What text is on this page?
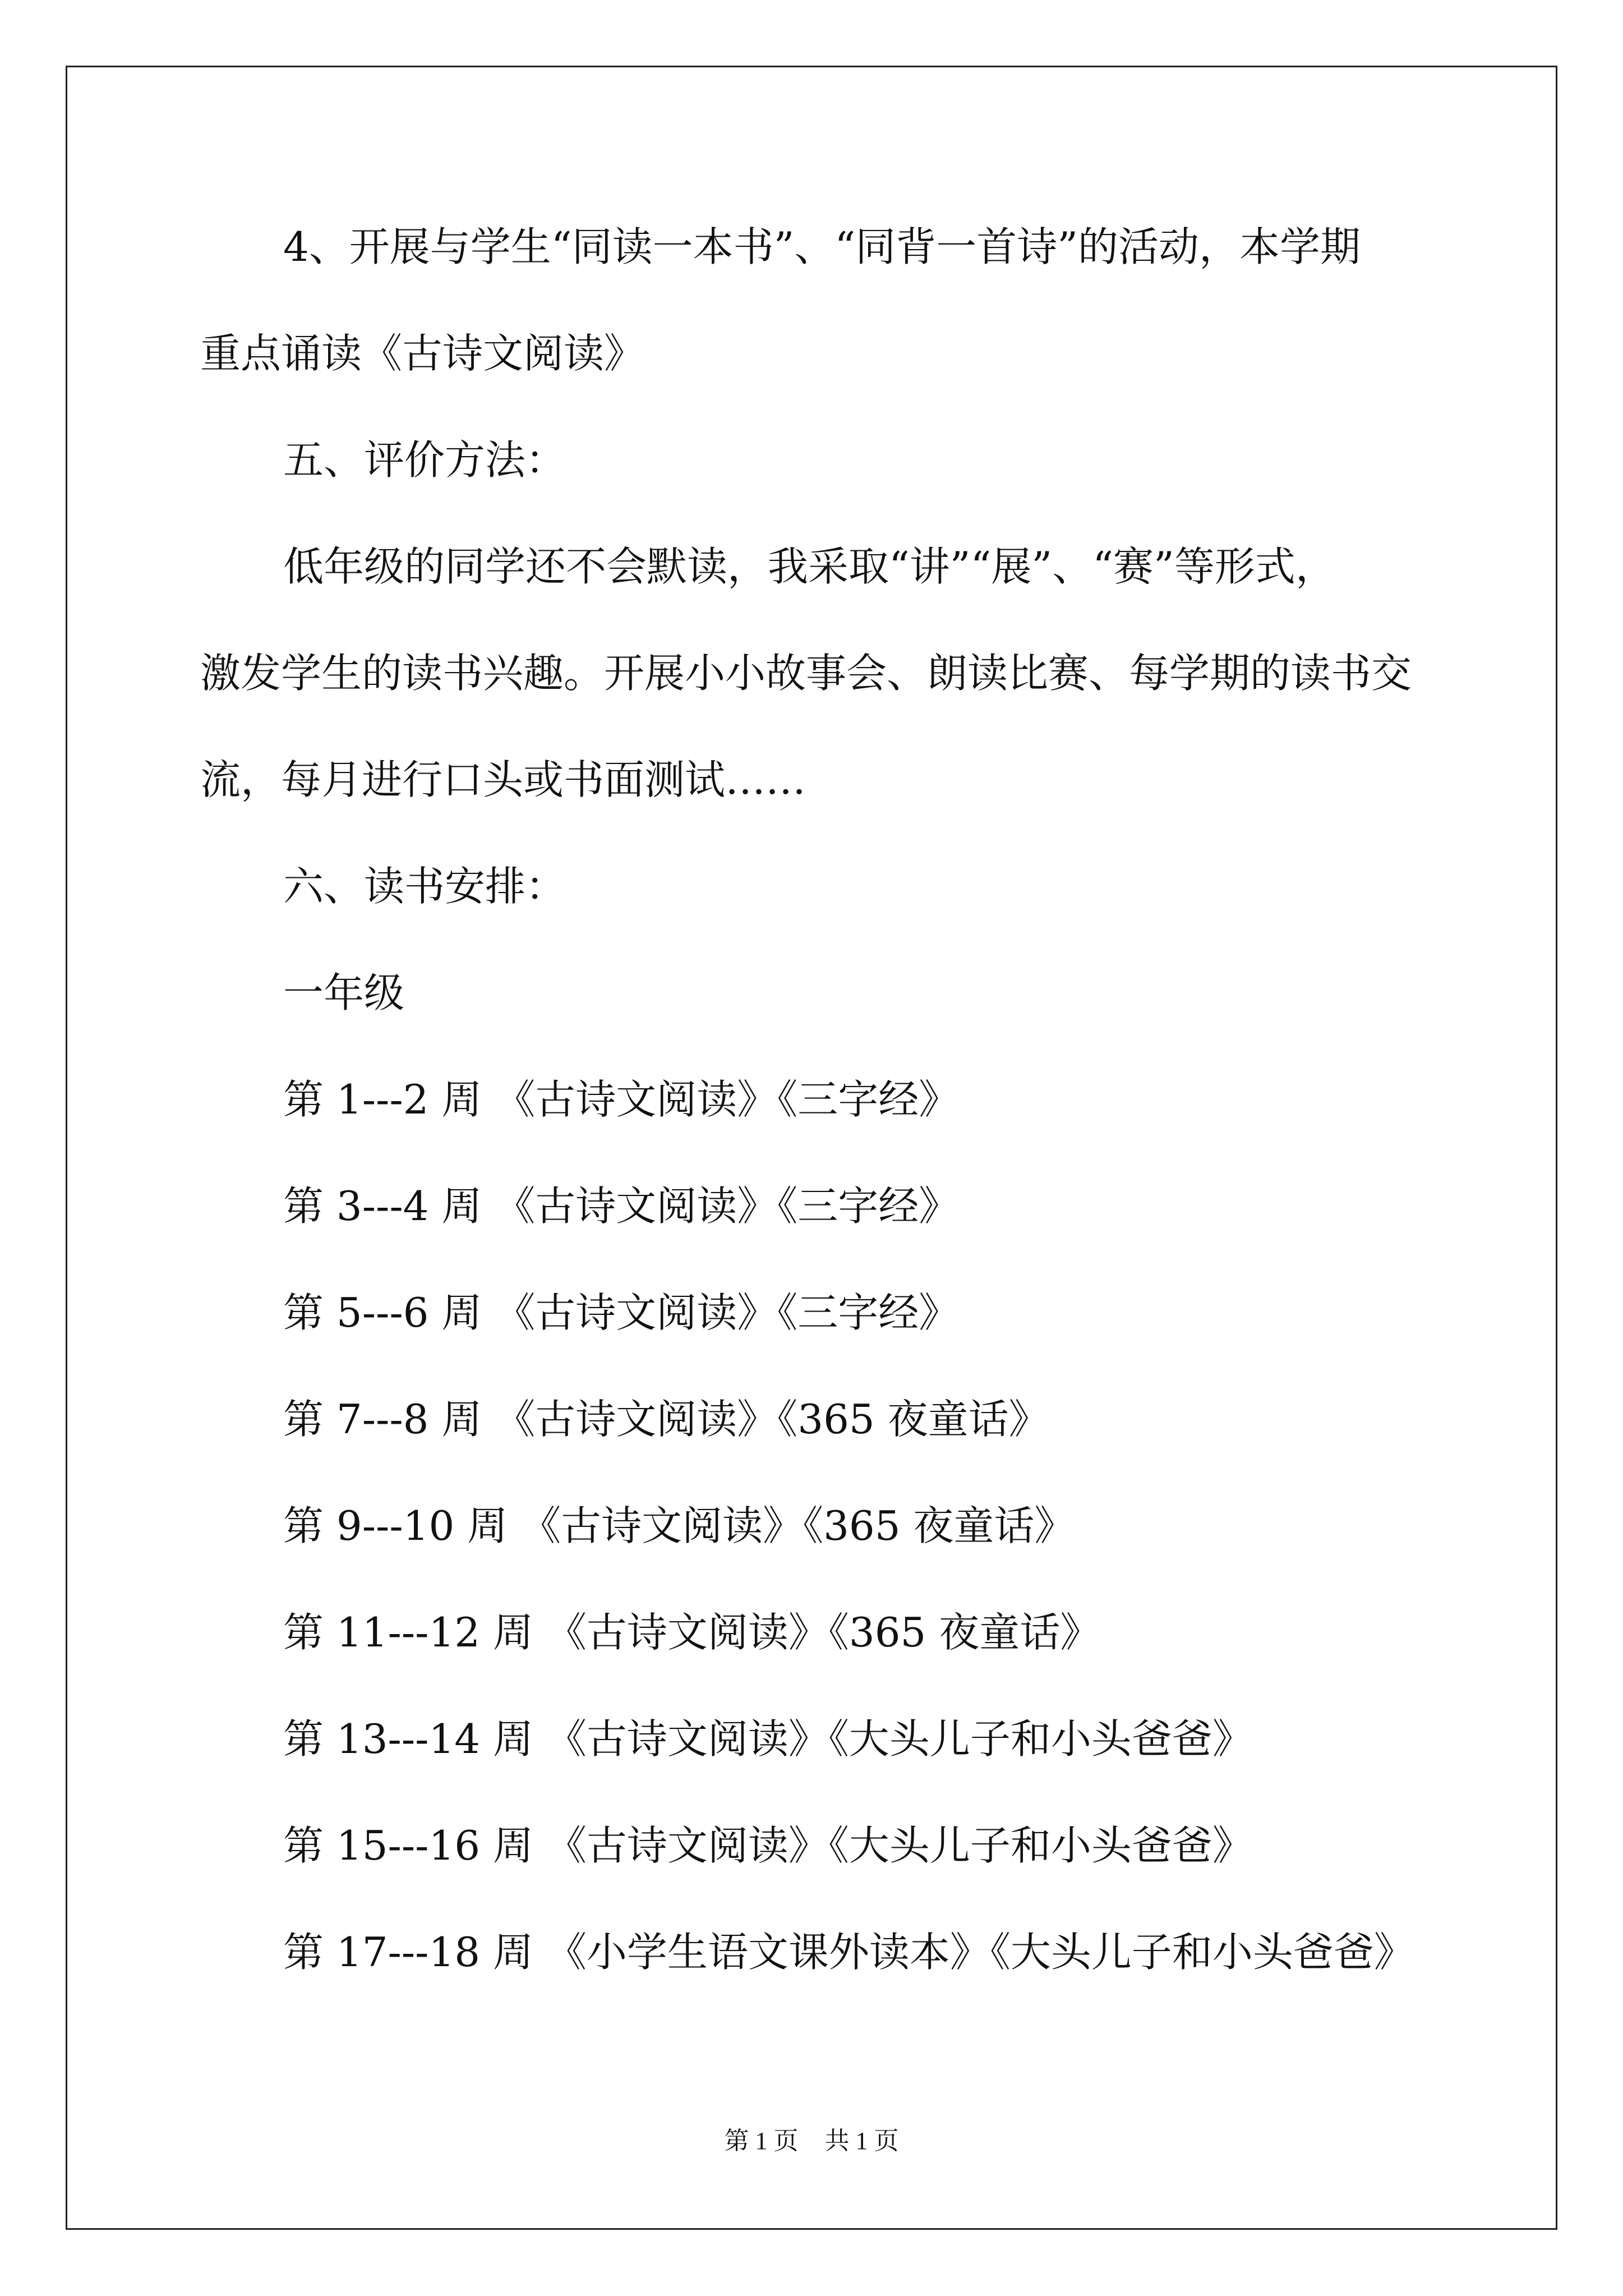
4、开展与学生“同读一本书”、“同背一首诗”的活动，本学期
重点诵读《古诗文阅读》
五、评价方法：
低年级的同学还不会默读，我采取“讲”“展”、“赛”等形式，
激发学生的读书兴趣。开展小小故事会、朗读比赛、每学期的读书交
流，每月进行口头或书面测试……
六、读书安排：
一年级
第 1---2 周 《古诗文阅读》《三字经》
第 3---4 周 《古诗文阅读》《三字经》
第 5---6 周 《古诗文阅读》《三字经》
第 7---8 周 《古诗文阅读》《365 夜童话》
第 9---10 周 《古诗文阅读》《365 夜童话》
第 11---12 周 《古诗文阅读》《365 夜童话》
第 13---14 周 《古诗文阅读》《大头儿子和小头爸爸》
第 15---16 周 《古诗文阅读》《大头儿子和小头爸爸》
第 17---18 周 《小学生语文课外读本》《大头儿子和小头爸爸》
第 1 页 共 1 页
